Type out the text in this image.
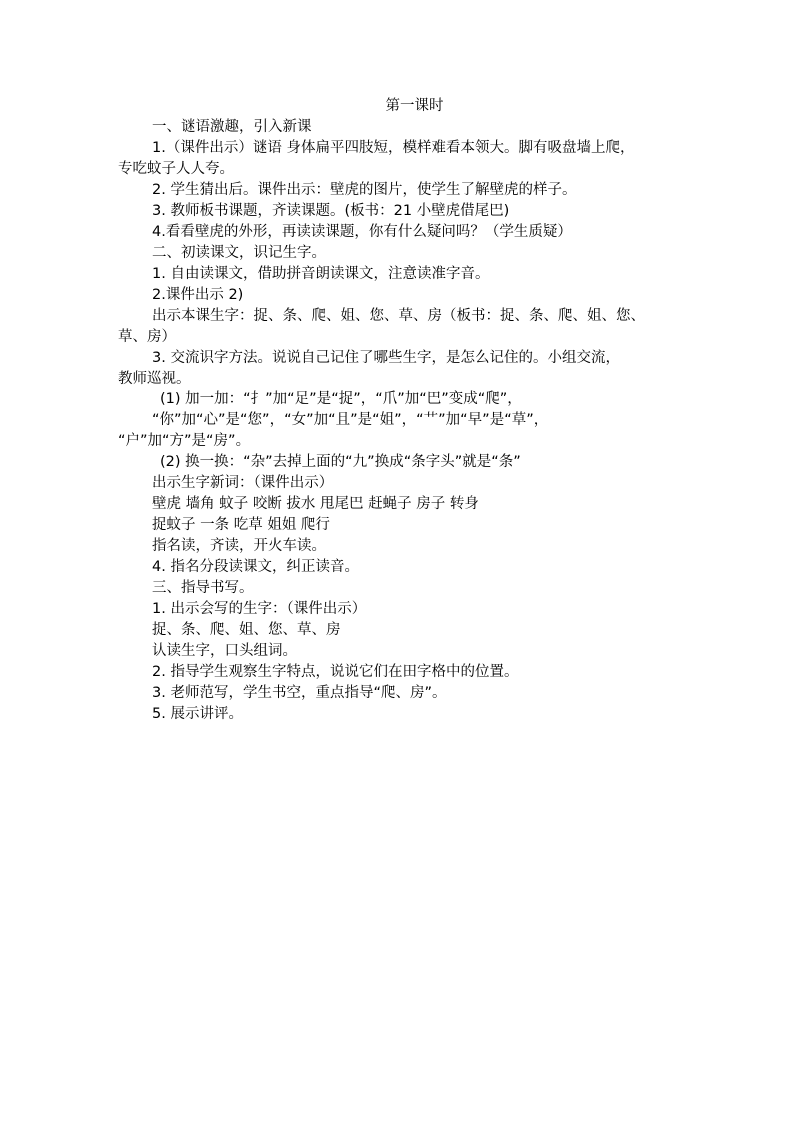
第一课时
一、谜语激趣，引入新课
1.（课件出示）谜语 身体扁平四肢短，模样难看本领大。脚有吸盘墙上爬，
专吃蚊子人人夸。
2. 学生猜出后。课件出示：壁虎的图片，使学生了解壁虎的样子。
3. 教师板书课题，齐读课题。(板书：21 小壁虎借尾巴)
4.看看壁虎的外形，再读读课题，你有什么疑问吗？（学生质疑）
二、初读课文，识记生字。
1. 自由读课文，借助拼音朗读课文，注意读准字音。
2.课件出示 2)
出示本课生字：捉、条、爬、姐、您、草、房（板书：捉、条、爬、姐、您、
草、房）
3. 交流识字方法。说说自己记住了哪些生字，是怎么记住的。小组交流，
教师巡视。
(1) 加一加：“扌”加“足”是“捉”，“爪”加“巴”变成“爬”，
“你”加“心”是“您”，“女”加“且”是“姐”，“艹”加“早”是“草”，
“户”加“方”是“房”。
(2) 换一换：“杂”去掉上面的“九”换成“条字头”就是“条”
出示生字新词：（课件出示）
壁虎 墙角 蚊子 咬断 拔水 甩尾巴 赶蝇子 房子 转身
捉蚊子 一条 吃草 姐姐 爬行
指名读，齐读，开火车读。
4. 指名分段读课文，纠正读音。
三、指导书写。
1. 出示会写的生字：（课件出示）
捉、条、爬、姐、您、草、房
认读生字，口头组词。
2. 指导学生观察生字特点，说说它们在田字格中的位置。
3. 老师范写，学生书空，重点指导“爬、房”。
5. 展示讲评。
